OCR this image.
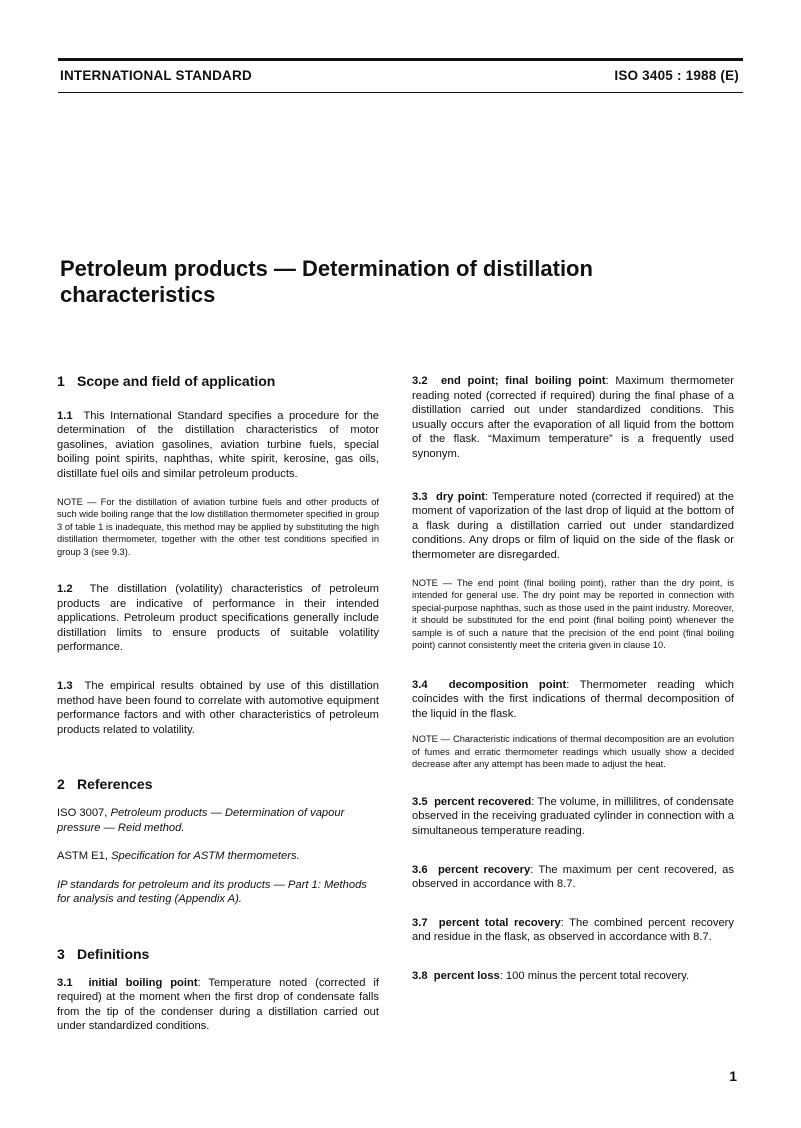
INTERNATIONAL STANDARD	ISO 3405 : 1988 (E)
Petroleum products — Determination of distillation
characteristics
1 Scope and field of application

1.1 This International Standard specifies a procedure for the determination of the distillation characteristics of motor gasolines, aviation gasolines, aviation turbine fuels, special boiling point spirits, naphthas, white spirit, kerosine, gas oils, distillate fuel oils and similar petroleum products.

NOTE — For the distillation of aviation turbine fuels and other products of such wide boiling range that the low distillation thermometer specified in group 3 of table 1 is inadequate, this method may be applied by substituting the high distillation thermometer, together with the other test conditions specified in group 3 (see 9.3).

1.2 The distillation (volatility) characteristics of petroleum products are indicative of performance in their intended applications. Petroleum product specifications generally include distillation limits to ensure products of suitable volatility performance.

1.3 The empirical results obtained by use of this distillation method have been found to correlate with automotive equipment performance factors and with other characteristics of petroleum products related to volatility.

2 References

ISO 3007, Petroleum products — Determination of vapour pressure — Reid method.

ASTM E1, Specification for ASTM thermometers.

IP standards for petroleum and its products — Part 1: Methods for analysis and testing (Appendix A).

3 Definitions

3.1 initial boiling point: Temperature noted (corrected if required) at the moment when the first drop of condensate falls from the tip of the condenser during a distillation carried out under standardized conditions.

3.2 end point; final boiling point: Maximum thermometer reading noted (corrected if required) during the final phase of a distillation carried out under standardized conditions. This usually occurs after the evaporation of all liquid from the bottom of the flask. “Maximum temperature” is a frequently used synonym.

3.3 dry point: Temperature noted (corrected if required) at the moment of vaporization of the last drop of liquid at the bottom of a flask during a distillation carried out under standardized conditions. Any drops or film of liquid on the side of the flask or thermometer are disregarded.

NOTE — The end point (final boiling point), rather than the dry point, is intended for general use. The dry point may be reported in connection with special-purpose naphthas, such as those used in the paint industry. Moreover, it should be substituted for the end point (final boiling point) whenever the sample is of such a nature that the precision of the end point (final boiling point) cannot consistently meet the criteria given in clause 10.

3.4 decomposition point: Thermometer reading which coincides with the first indications of thermal decomposition of the liquid in the flask.

NOTE — Characteristic indications of thermal decomposition are an evolution of fumes and erratic thermometer readings which usually show a decided decrease after any attempt has been made to adjust the heat.

3.5 percent recovered: The volume, in millilitres, of condensate observed in the receiving graduated cylinder in connection with a simultaneous temperature reading.

3.6 percent recovery: The maximum per cent recovered, as observed in accordance with 8.7.

3.7 percent total recovery: The combined percent recovery and residue in the flask, as observed in accordance with 8.7.

3.8 percent loss: 100 minus the percent total recovery.

1
